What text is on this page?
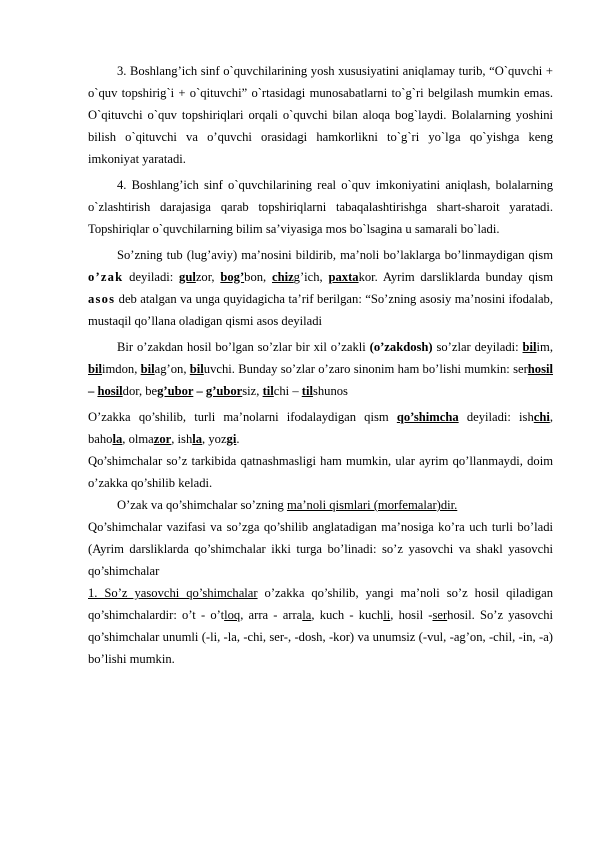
3. Boshlang’ich sinf o`quvchilarining yosh xususiyatini aniqlamay turib, “O`quvchi + o`quv topshirig`i + o`qituvchi” o`rtasidagi munosabatlarni to`g`ri belgilash mumkin emas. O`qituvchi o`quv topshiriqlari orqali o`quvchi bilan aloqa bog`laydi. Bolalarning yoshini bilish o`qituvchi va o’quvchi orasidagi hamkorlikni to`g`ri yo`lga qo`yishga keng imkoniyat yaratadi.

4. Boshlang’ich sinf o`quvchilarining real o`quv imkoniyatini aniqlash, bolalarning o`zlashtirish darajasiga qarab topshiriqlarni tabaqalashtirishga shart-sharoit yaratadi. Topshiriqlar o`quvchilarning bilim sa’viyasiga mos bo`lsagina u samarali bo`ladi.

So’zning tub (lug’aviy) ma’nosini bildirib, ma’noli bo’laklarga bo’linmaydigan qism o’zak deyiladi: gulzor, bog’bon, chizg’ich, paxtakor. Ayrim darsliklarda bunday qism asos deb atalgan va unga quyidagicha ta’rif berilgan: “So’zning asosiy ma’nosini ifodalab, mustaqil qo’llana oladigan qismi asos deyiladi

Bir o’zakdan hosil bo’lgan so’zlar bir xil o’zakli (o’zakdosh) so’zlar deyiladi: bilim, bilimdon, bilag’on, biluvchi. Bunday so’zlar o’zaro sinonim ham bo’lishi mumkin: serhosil – hosildor, beg’ubor – g’uborsiz, tilchi – tilshunos

O’zakka qo’shilib, turli ma’nolarni ifodalaydigan qism qo’shimcha deyiladi: ishchi, bahola, olmazor, ishla, yozgi.

Qo’shimchalar so’z tarkibida qatnashmasligi ham mumkin, ular ayrim qo’llanmaydi, doim o’zakka qo’shilib keladi.

O’zak va qo’shimchalar so’zning ma’noli qismlari (morfemalar)dir.

Qo’shimchalar vazifasi va so’zga qo’shilib anglatadigan ma’nosiga ko’ra uch turli bo’ladi (Ayrim darsliklarda qo’shimchalar ikki turga bo’linadi: so’z yasovchi va shakl yasovchi qo’shimchalar

1. So’z yasovchi qo’shimchalar o’zakka qo’shilib, yangi ma’noli so’z hosil qiladigan qo’shimchalardir: o’t - o’tloq, arra - arrala, kuch - kuchli, hosil -serhosil. So’z yasovchi qo’shimchalar unumli (-li, -la, -chi, ser-, -dosh, -kor) va unumsiz (-vul, -ag’on, -chil, -in, -a) bo’lishi mumkin.
